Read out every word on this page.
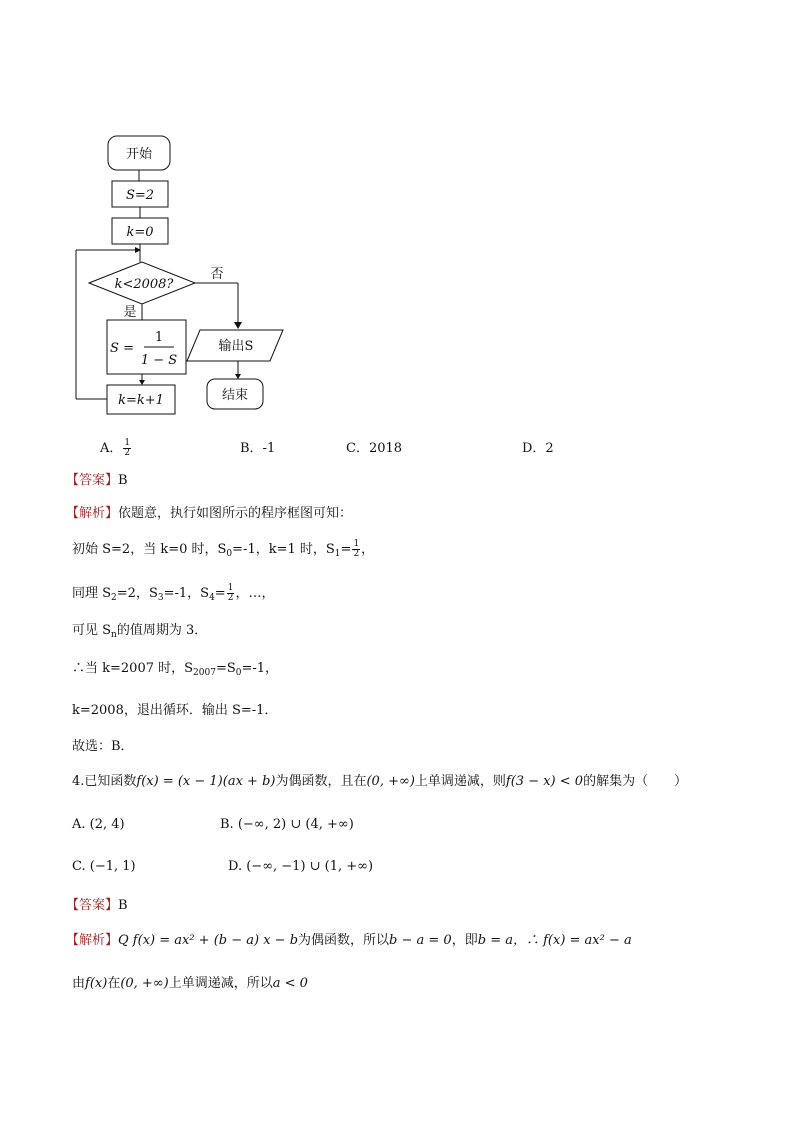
开始
S=2
k=0
k<2008?
否
是
S =
1
1 − S
k=k+1
输出S
结束
A． $\frac{1}{2}$	B．-1	C．2018	D．2
【答案】B
【解析】依题意，执行如图所示的程序框图可知：
初始 S=2，当 k=0 时，$S_0=-1$，k=1 时，$S_1= \frac{1}{2}$ ，
同理 $S_2=2$，$S_3=-1$，$S_4= \frac{1}{2}$ ，…，
可见 $S_n$的值周期为 3．
∴当 k=2007 时，$S_{2007}=S_0=-1$，
k=2008，退出循环．输出 S=-1．
故选：B．
4.已知函数f(x) = (x − 1)(ax + b)为偶函数，且在(0, +∞)上单调递减，则f(3 − x) < 0的解集为（　　）
A. (2, 4)	B. (−∞, 2) ∪ (4, +∞)
C. (−1, 1)	D. (−∞, −1) ∪ (1, +∞)
【答案】B
【解析】Q f(x) = ax² + (b − a) x − b为偶函数，所以b − a = 0，即b = a，∴ f(x) = ax² − a
由f(x)在(0, +∞)上单调递减，所以a < 0
